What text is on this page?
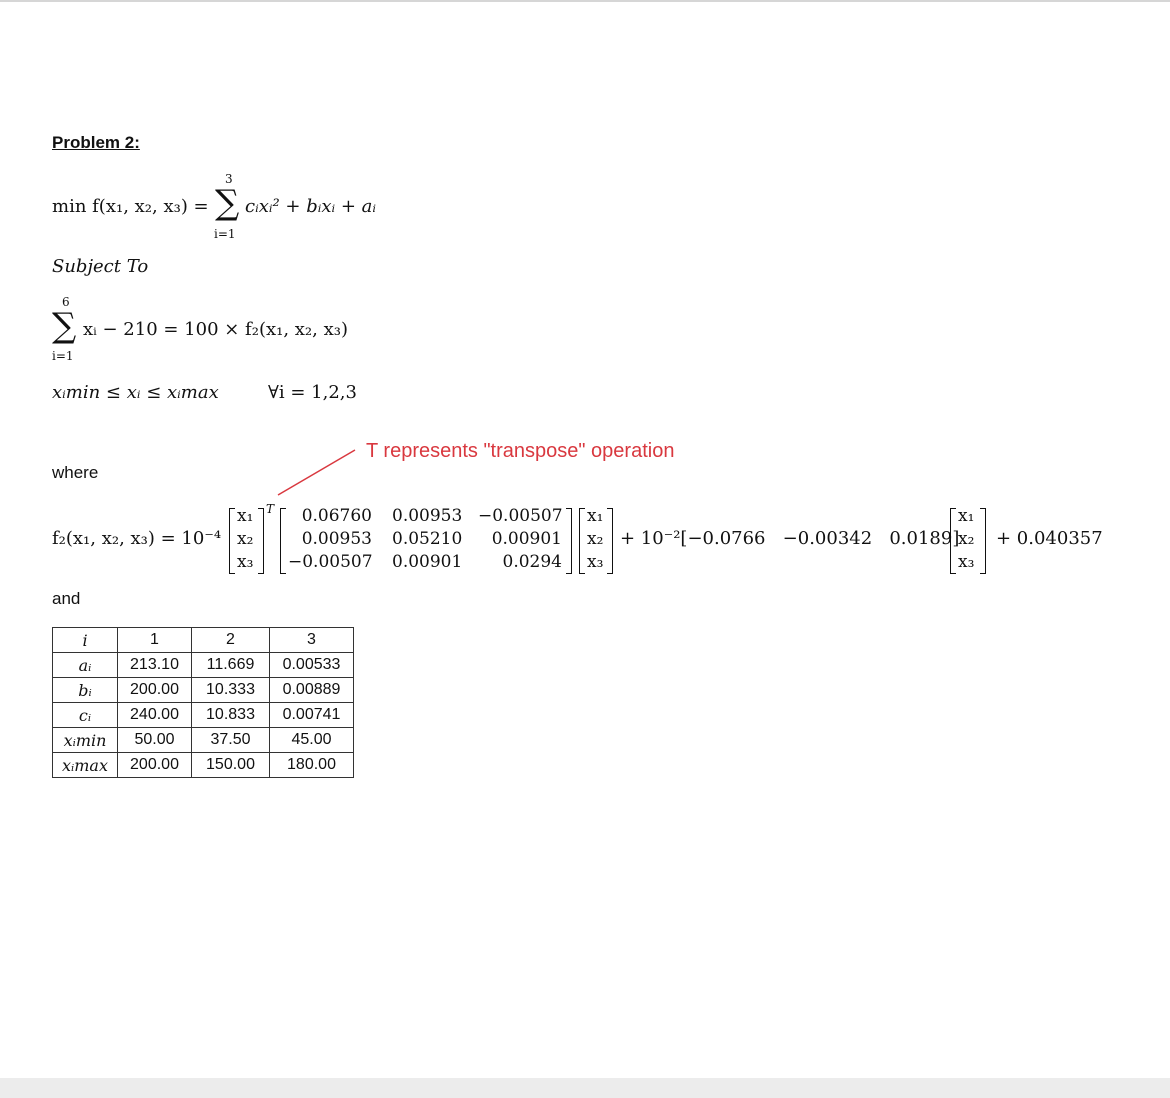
Problem 2:
min f(x₁, x₂, x₃) =
3
∑
i=1
cᵢxᵢ² + bᵢxᵢ + aᵢ
Subject To
6
∑
i=1
xᵢ − 210 = 100 × f₂(x₁, x₂, x₃)
xᵢmin ≤ xᵢ ≤ xᵢmax	∀i = 1,2,3
T represents "transpose" operation
where
f₂(x₁, x₂, x₃) = 10⁻⁴
x₁
x₂
x₃
T	0.06760
0.00953
−0.00507
0.00953
0.05210
0.00901
−0.00507
0.00901
0.0294
x₁
x₂
x₃
+ 10⁻²[−0.0766   −0.00342   0.0189]
x₁
x₂
x₃
+ 0.040357
and
i	1	2	3
aᵢ	213.10	11.669	0.00533
bᵢ	200.00	10.333	0.00889
cᵢ	240.00	10.833	0.00741
xᵢmin	50.00	37.50	45.00
xᵢmax	200.00	150.00	180.00
